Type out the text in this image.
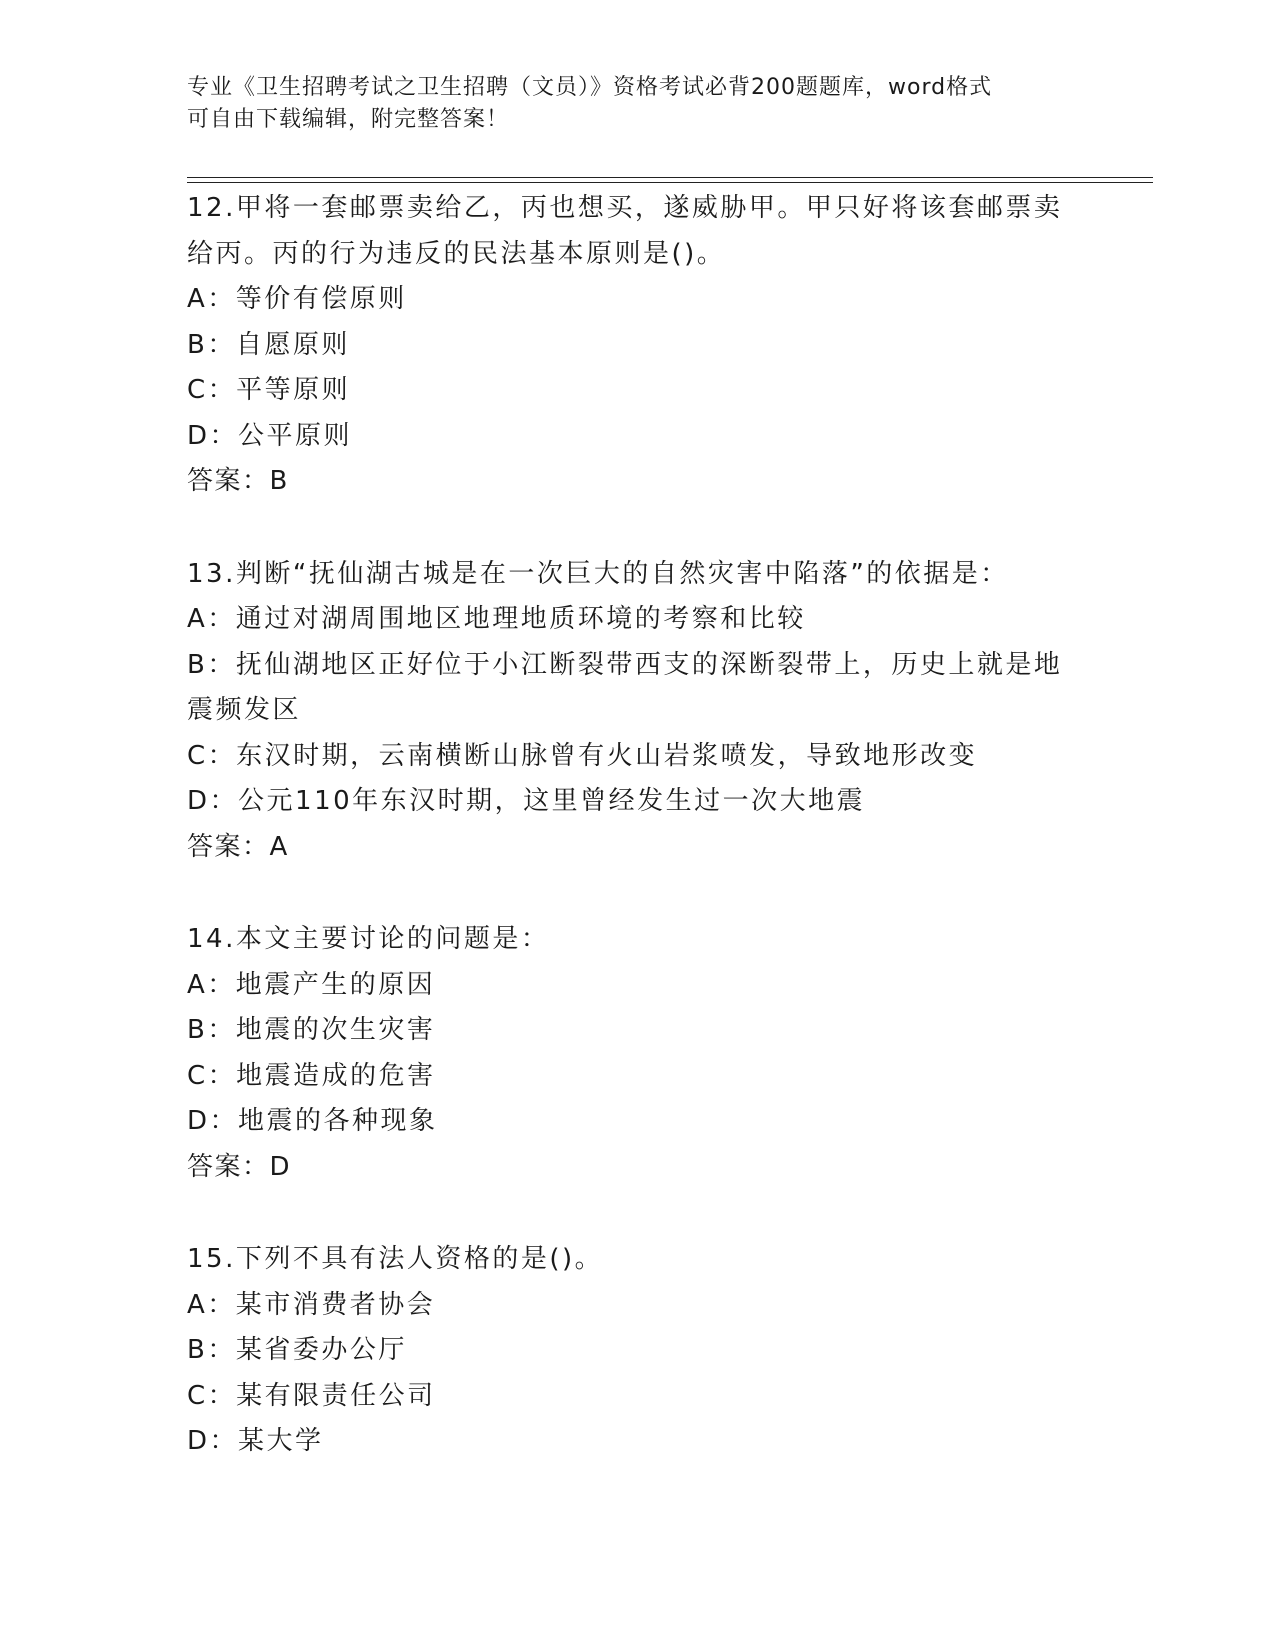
专业《卫生招聘考试之卫生招聘（文员）》资格考试必背200题题库，word格式
可自由下载编辑，附完整答案！

12.甲将一套邮票卖给乙，丙也想买，遂威胁甲。甲只好将该套邮票卖

给丙。丙的行为违反的民法基本原则是()。

A：等价有偿原则

B：自愿原则

C：平等原则

D：公平原则

答案：B

13.判断“抚仙湖古城是在一次巨大的自然灾害中陷落”的依据是：

A：通过对湖周围地区地理地质环境的考察和比较

B：抚仙湖地区正好位于小江断裂带西支的深断裂带上，历史上就是地

震频发区

C：东汉时期，云南横断山脉曾有火山岩浆喷发，导致地形改变

D：公元110年东汉时期，这里曾经发生过一次大地震

答案：A

14.本文主要讨论的问题是：

A：地震产生的原因

B：地震的次生灾害

C：地震造成的危害

D：地震的各种现象

答案：D

15.下列不具有法人资格的是()。

A：某市消费者协会

B：某省委办公厅

C：某有限责任公司

D：某大学
